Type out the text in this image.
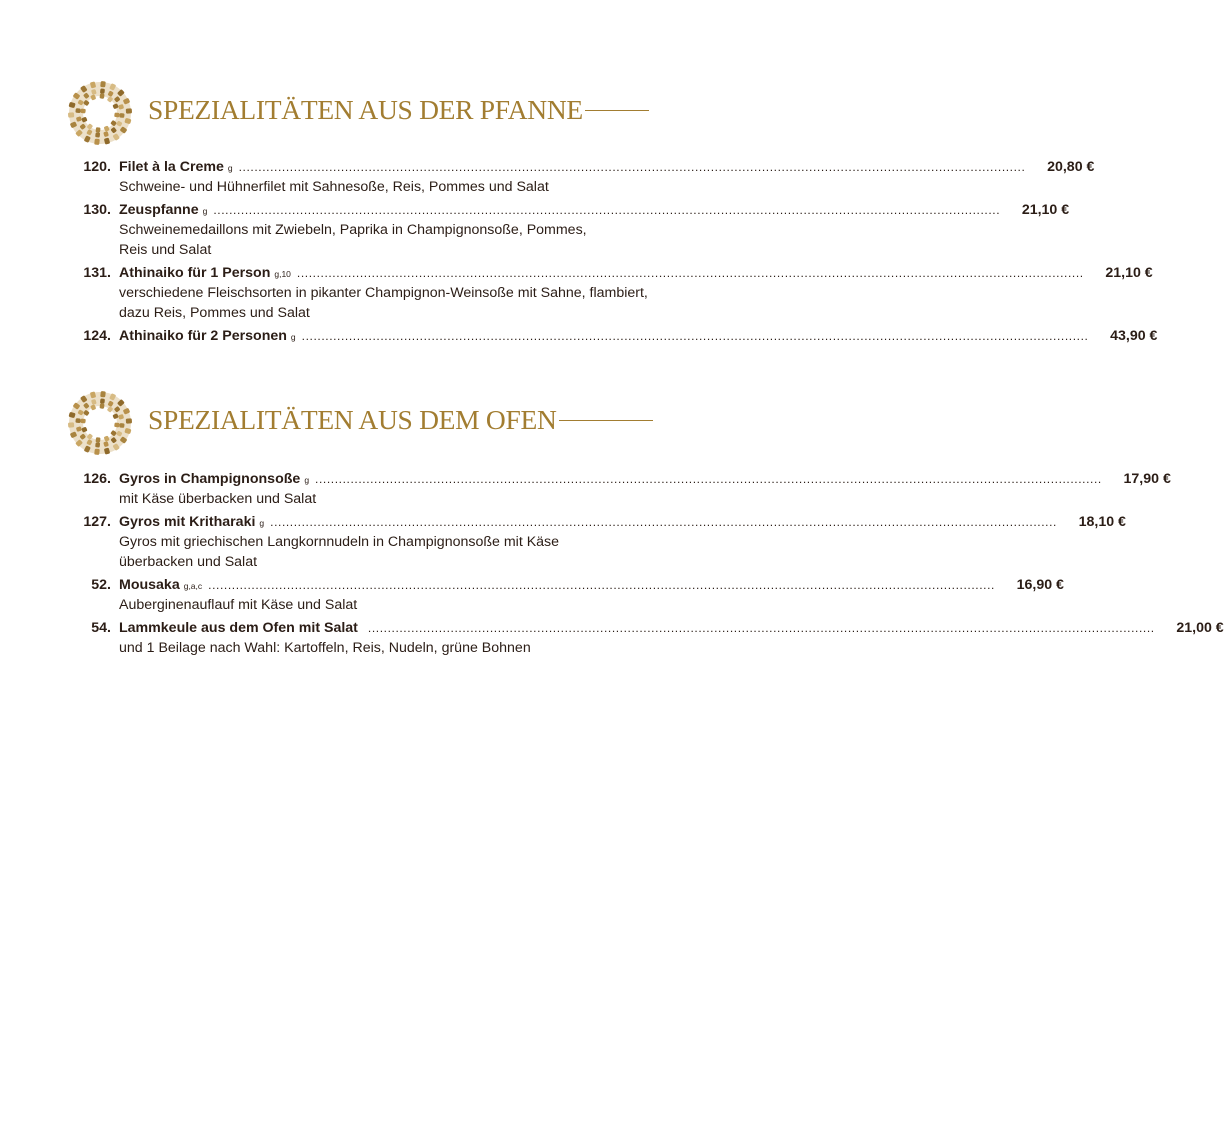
SPEZIALITÄTEN AUS DER PFANNE
120. Filet à la Creme g ........................................................................................................................................................................................................	20,80 €
Schweine- und Hühnerfilet mit Sahnesoße, Reis, Pommes und Salat
130. Zeuspfanne g ........................................................................................................................................................................................................	21,10 €
Schweinemedaillons mit Zwiebeln, Paprika in Champignonsoße, Pommes, Reis und Salat
131. Athinaiko für 1 Person g,10 ........................................................................................................................................................................................................	21,10 €
verschiedene Fleischsorten in pikanter Champignon-Weinsoße mit Sahne, flambiert, dazu Reis, Pommes und Salat
124. Athinaiko für 2 Personen g ........................................................................................................................................................................................................	43,90 €
SPEZIALITÄTEN AUS DEM OFEN
126. Gyros in Champignonsoße g ........................................................................................................................................................................................................	17,90 €
mit Käse überbacken und Salat
127. Gyros mit Kritharaki g ........................................................................................................................................................................................................	18,10 €
Gyros mit griechischen Langkornnudeln in Champignonsoße mit Käse überbacken und Salat
52. Mousaka g,a,c ........................................................................................................................................................................................................	16,90 €
Auberginenauflauf mit Käse und Salat
54. Lammkeule aus dem Ofen mit Salat ........................................................................................................................................................................................................	21,00 €
und 1 Beilage nach Wahl: Kartoffeln, Reis, Nudeln, grüne Bohnen
